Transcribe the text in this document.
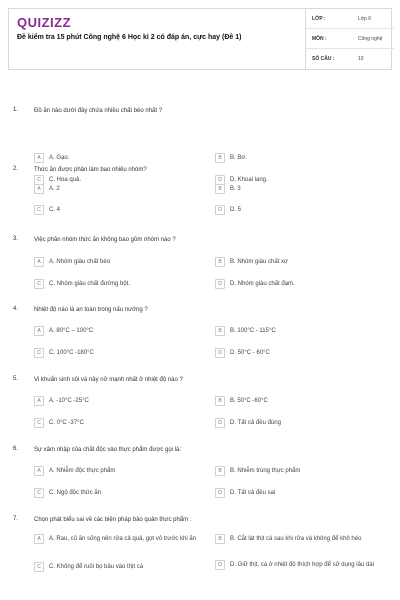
QUIZIZZ
Đề kiểm tra 15 phút Công nghệ 6 Học kì 2 có đáp án, cực hay (Đề 1)
LỚP :	Lớp 6
MÔN :	Công nghệ
SỐ CÂU :	10
1.	Đồ ăn nào dưới đây chứa nhiều chất béo nhất ?
A	A. Gạo.	B	B. Bơ.
C	C. Hoa quả.	D	D. Khoai lang.
2.	Thức ăn được phân làm bao nhiêu nhóm?
A	A. 2	B	B. 3
C	C. 4	D	D. 5
3.	Việc phân nhóm thức ăn không bao gồm nhóm nào ?
A	A. Nhóm giàu chất béo	B	B. Nhóm giàu chất xơ
C	C. Nhóm giàu chất đường bột.	D	D. Nhóm giàu chất đạm.
4.	Nhiệt độ nào là an toàn trong nấu nướng ?
A	A. 80°C – 100°C	B	B. 100°C - 115°C
C	C. 100°C -180°C	D	D. 50°C - 60°C
5.	Vi khuẩn sinh sôi và nảy nở mạnh nhất ở nhiệt độ nào ?
A	A. -10°C -25°C	B	B. 50°C -60°C
C	C. 0°C -37°C	D	D. Tất cả đều đúng
6.	Sự xâm nhập của chất độc vào thực phẩm được gọi là:
A	A. Nhiễm độc thực phẩm	B	B. Nhiễm trùng thực phẩm
C	C. Ngộ độc thức ăn	D	D. Tất cả đều sai
7.	Chọn phát biểu sai về các biện pháp bảo quản thực phẩm :
A	A. Rau, củ ăn sống nên rửa cả quả, gọt vỏ trước khi ăn	B	B. Cắt lát thịt cá sau khi rửa và không để khô héo
C	C. Không để ruồi bọ bâu vào thịt cá	D	D. Giữ thịt, cá ở nhiệt độ thích hợp để sử dụng lâu dài
